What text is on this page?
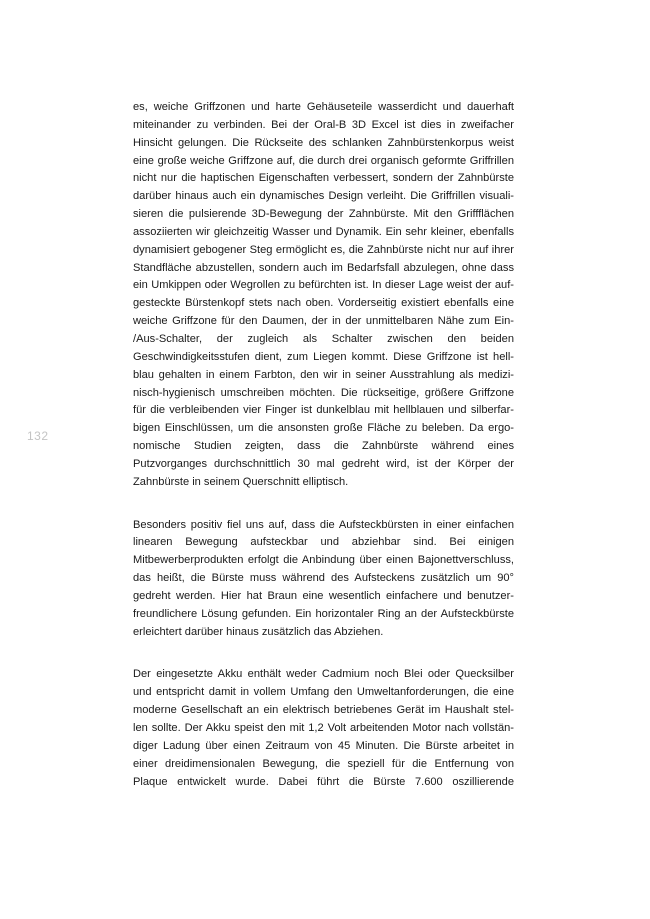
132
es, weiche Griffzonen und harte Gehäuseteile wasserdicht und dauerhaft
miteinander zu verbinden. Bei der Oral-B 3D Excel ist dies in zweifacher
Hinsicht gelungen. Die Rückseite des schlanken Zahnbürstenkorpus weist
eine große weiche Griffzone auf, die durch drei organisch geformte Griffrillen
nicht nur die haptischen Eigenschaften verbessert, sondern der Zahnbürste
darüber hinaus auch ein dynamisches Design verleiht. Die Griffrillen visuali-
sieren die pulsierende 3D-Bewegung der Zahnbürste. Mit den Griffflächen
assoziierten wir gleichzeitig Wasser und Dynamik. Ein sehr kleiner, ebenfalls
dynamisiert gebogener Steg ermöglicht es, die Zahnbürste nicht nur auf ihrer
Standfläche abzustellen, sondern auch im Bedarfsfall abzulegen, ohne dass
ein Umkippen oder Wegrollen zu befürchten ist. In dieser Lage weist der auf-
gesteckte Bürstenkopf stets nach oben. Vorderseitig existiert ebenfalls eine
weiche Griffzone für den Daumen, der in der unmittelbaren Nähe zum Ein-
/Aus-Schalter, der zugleich als Schalter zwischen den beiden
Geschwindigkeitsstufen dient, zum Liegen kommt. Diese Griffzone ist hell-
blau gehalten in einem Farbton, den wir in seiner Ausstrahlung als medizi-
nisch-hygienisch umschreiben möchten. Die rückseitige, größere Griffzone
für die verbleibenden vier Finger ist dunkelblau mit hellblauen und silberfar-
bigen Einschlüssen, um die ansonsten große Fläche zu beleben. Da ergo-
nomische Studien zeigten, dass die Zahnbürste während eines
Putzvorganges durchschnittlich 30 mal gedreht wird, ist der Körper der
Zahnbürste in seinem Querschnitt elliptisch.
Besonders positiv fiel uns auf, dass die Aufsteckbürsten in einer einfachen
linearen Bewegung aufsteckbar und abziehbar sind. Bei einigen
Mitbewerberprodukten erfolgt die Anbindung über einen Bajonettverschluss,
das heißt, die Bürste muss während des Aufsteckens zusätzlich um 90°
gedreht werden. Hier hat Braun eine wesentlich einfachere und benutzer-
freundlichere Lösung gefunden. Ein horizontaler Ring an der Aufsteckbürste
erleichtert darüber hinaus zusätzlich das Abziehen.
Der eingesetzte Akku enthält weder Cadmium noch Blei oder Quecksilber
und entspricht damit in vollem Umfang den Umweltanforderungen, die eine
moderne Gesellschaft an ein elektrisch betriebenes Gerät im Haushalt stel-
len sollte. Der Akku speist den mit 1,2 Volt arbeitenden Motor nach vollstän-
diger Ladung über einen Zeitraum von 45 Minuten. Die Bürste arbeitet in
einer dreidimensionalen Bewegung, die speziell für die Entfernung von
Plaque entwickelt wurde. Dabei führt die Bürste 7.600 oszillierende
